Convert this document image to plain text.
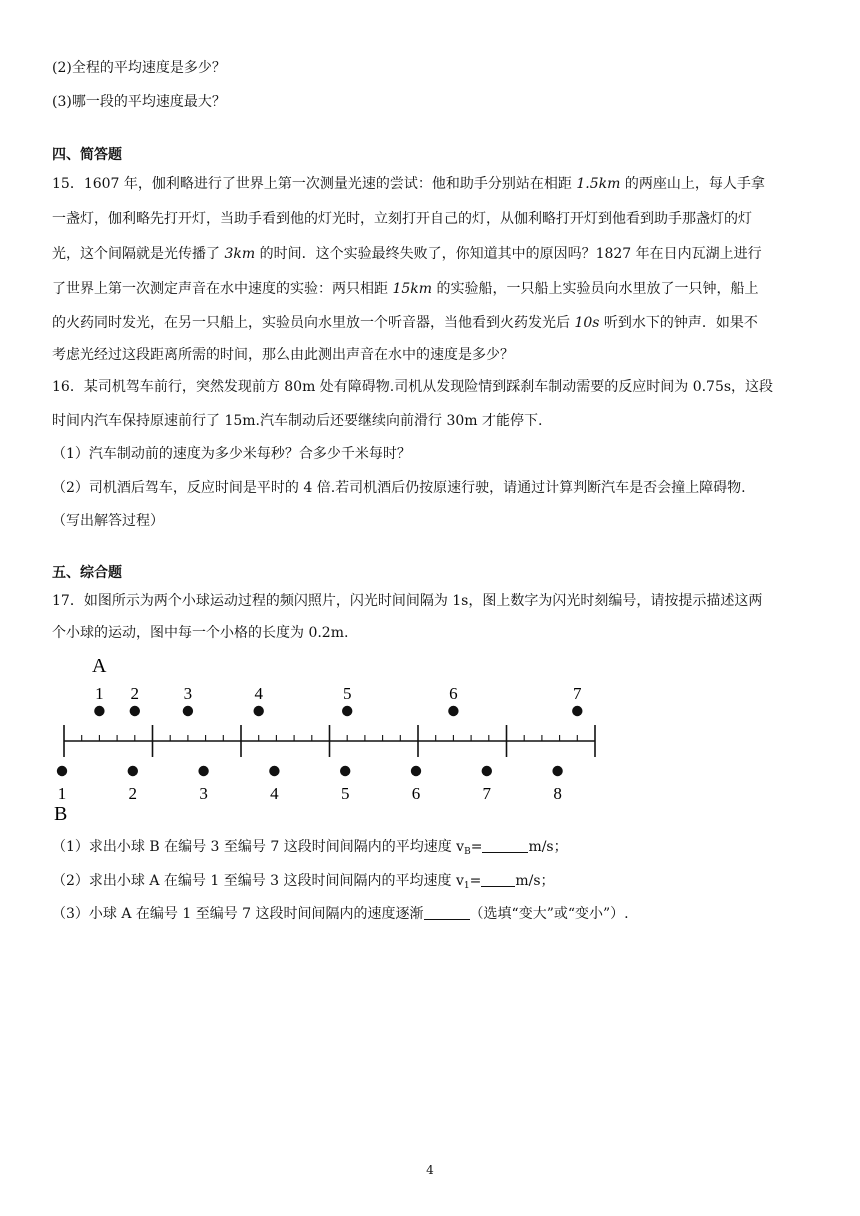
(2)全程的平均速度是多少？
(3)哪一段的平均速度最大？
四、简答题
15．1607 年，伽利略进行了世界上第一次测量光速的尝试：他和助手分别站在相距 1.5km 的两座山上，每人手拿
一盏灯，伽利略先打开灯，当助手看到他的灯光时，立刻打开自己的灯，从伽利略打开灯到他看到助手那盏灯的灯
光，这个间隔就是光传播了 3km 的时间．这个实验最终失败了，你知道其中的原因吗？1827 年在日内瓦湖上进行
了世界上第一次测定声音在水中速度的实验：两只相距 15km 的实验船，一只船上实验员向水里放了一只钟，船上
的火药同时发光，在另一只船上，实验员向水里放一个听音器，当他看到火药发光后 10s 听到水下的钟声．如果不
考虑光经过这段距离所需的时间，那么由此测出声音在水中的速度是多少？
16．某司机驾车前行，突然发现前方 80m 处有障碍物.司机从发现险情到踩刹车制动需要的反应时间为 0.75s，这段
时间内汽车保持原速前行了 15m.汽车制动后还要继续向前滑行 30m 才能停下.
（1）汽车制动前的速度为多少米每秒？合多少千米每时？
（2）司机酒后驾车，反应时间是平时的 4 倍.若司机酒后仍按原速行驶，请通过计算判断汽车是否会撞上障碍物.
（写出解答过程）
五、综合题
17．如图所示为两个小球运动过程的频闪照片，闪光时间间隔为 1s，图上数字为闪光时刻编号，请按提示描述这两
个小球的运动，图中每一个小格的长度为 0.2m.
A
1 2	3	4	5	6	7
1	2	3	4	5	6	7	8
B
（1）求出小球 B 在编号 3 至编号 7 这段时间间隔内的平均速度 $v_B=$	m/s；
（2）求出小球 A 在编号 1 至编号 3 这段时间间隔内的平均速度 $v_1= m/s$；
（3）小球 A 在编号 1 至编号 7 这段时间间隔内的速度逐渐	（选填“变大”或“变小”）.
4
